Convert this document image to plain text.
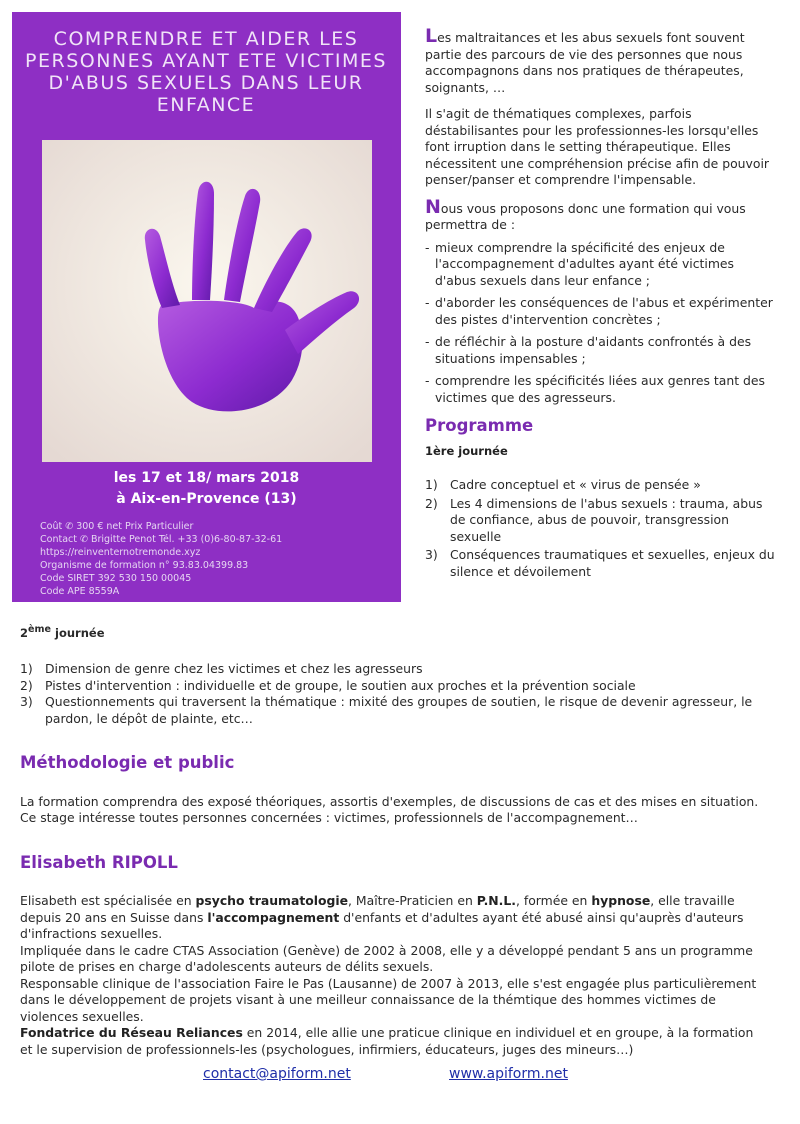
COMPRENDRE ET AIDER LES PERSONNES AYANT ETE VICTIMES D'ABUS SEXUELS DANS LEUR ENFANCE
les 17 et 18/ mars 2018
à Aix-en-Provence (13)
Coût ✆ 300 € net Prix Particulier
Contact ✆ Brigitte Penot Tél. +33 (0)6-80-87-32-61
https://reinventernotremonde.xyz
Organisme de formation n° 93.83.04399.83
Code SIRET 392 530 150 00045
Code APE 8559A

Les maltraitances et les abus sexuels font souvent partie des parcours de vie des personnes que nous accompagnons dans nos pratiques de thérapeutes, soignants, …

Il s'agit de thématiques complexes, parfois déstabilisantes pour les professionnes-les lorsqu'elles font irruption dans le setting thérapeutique. Elles nécessitent une compréhension précise afin de pouvoir penser/panser et comprendre l'impensable.

Nous vous proposons donc une formation qui vous permettra de :

- mieux comprendre la spécificité des enjeux de l'accompagnement d'adultes ayant été victimes d'abus sexuels dans leur enfance ;
- d'aborder les conséquences de l'abus et expérimenter des pistes d'intervention concrètes ;
- de réfléchir à la posture d'aidants confrontés à des situations impensables ;
- comprendre les spécificités liées aux genres tant des victimes que des agresseurs.
Programme
1ère journée
1) Cadre conceptuel et « virus de pensée »
2) Les 4 dimensions de l'abus sexuels : trauma, abus de confiance, abus de pouvoir, transgression sexuelle
3) Conséquences traumatiques et sexuelles, enjeux du silence et dévoilement
2ème journée
1) Dimension de genre chez les victimes et chez les agresseurs
2) Pistes d'intervention : individuelle et de groupe, le soutien aux proches et la prévention sociale
3) Questionnements qui traversent la thématique : mixité des groupes de soutien, le risque de devenir agresseur, le pardon, le dépôt de plainte, etc…
Méthodologie et public

La formation comprendra des exposé théoriques, assortis d'exemples, de discussions de cas et des mises en situation. Ce stage intéresse toutes personnes concernées : victimes, professionnels de l'accompagnement…

Elisabeth RIPOLL

Elisabeth est spécialisée en psycho traumatologie, Maître-Praticien en P.N.L., formée en hypnose, elle travaille depuis 20 ans en Suisse dans l'accompagnement d'enfants et d'adultes ayant été abusé ainsi qu'auprès d'auteurs d'infractions sexuelles.

Impliquée dans le cadre CTAS Association (Genève) de 2002 à 2008, elle y a développé pendant 5 ans un programme pilote de prises en charge d'adolescents auteurs de délits sexuels.

Responsable clinique de l'association Faire le Pas (Lausanne) de 2007 à 2013, elle s'est engagée plus particulièrement dans le développement de projets visant à une meilleur connaissance de la thémtique des hommes victimes de violences sexuelles.

Fondatrice du Réseau Reliances en 2014, elle allie une praticue clinique en individuel et en groupe, à la formation et le supervision de professionnels-les (psychologues, infirmiers, éducateurs, juges des mineurs…)

contact@apiform.net	www.apiform.net
